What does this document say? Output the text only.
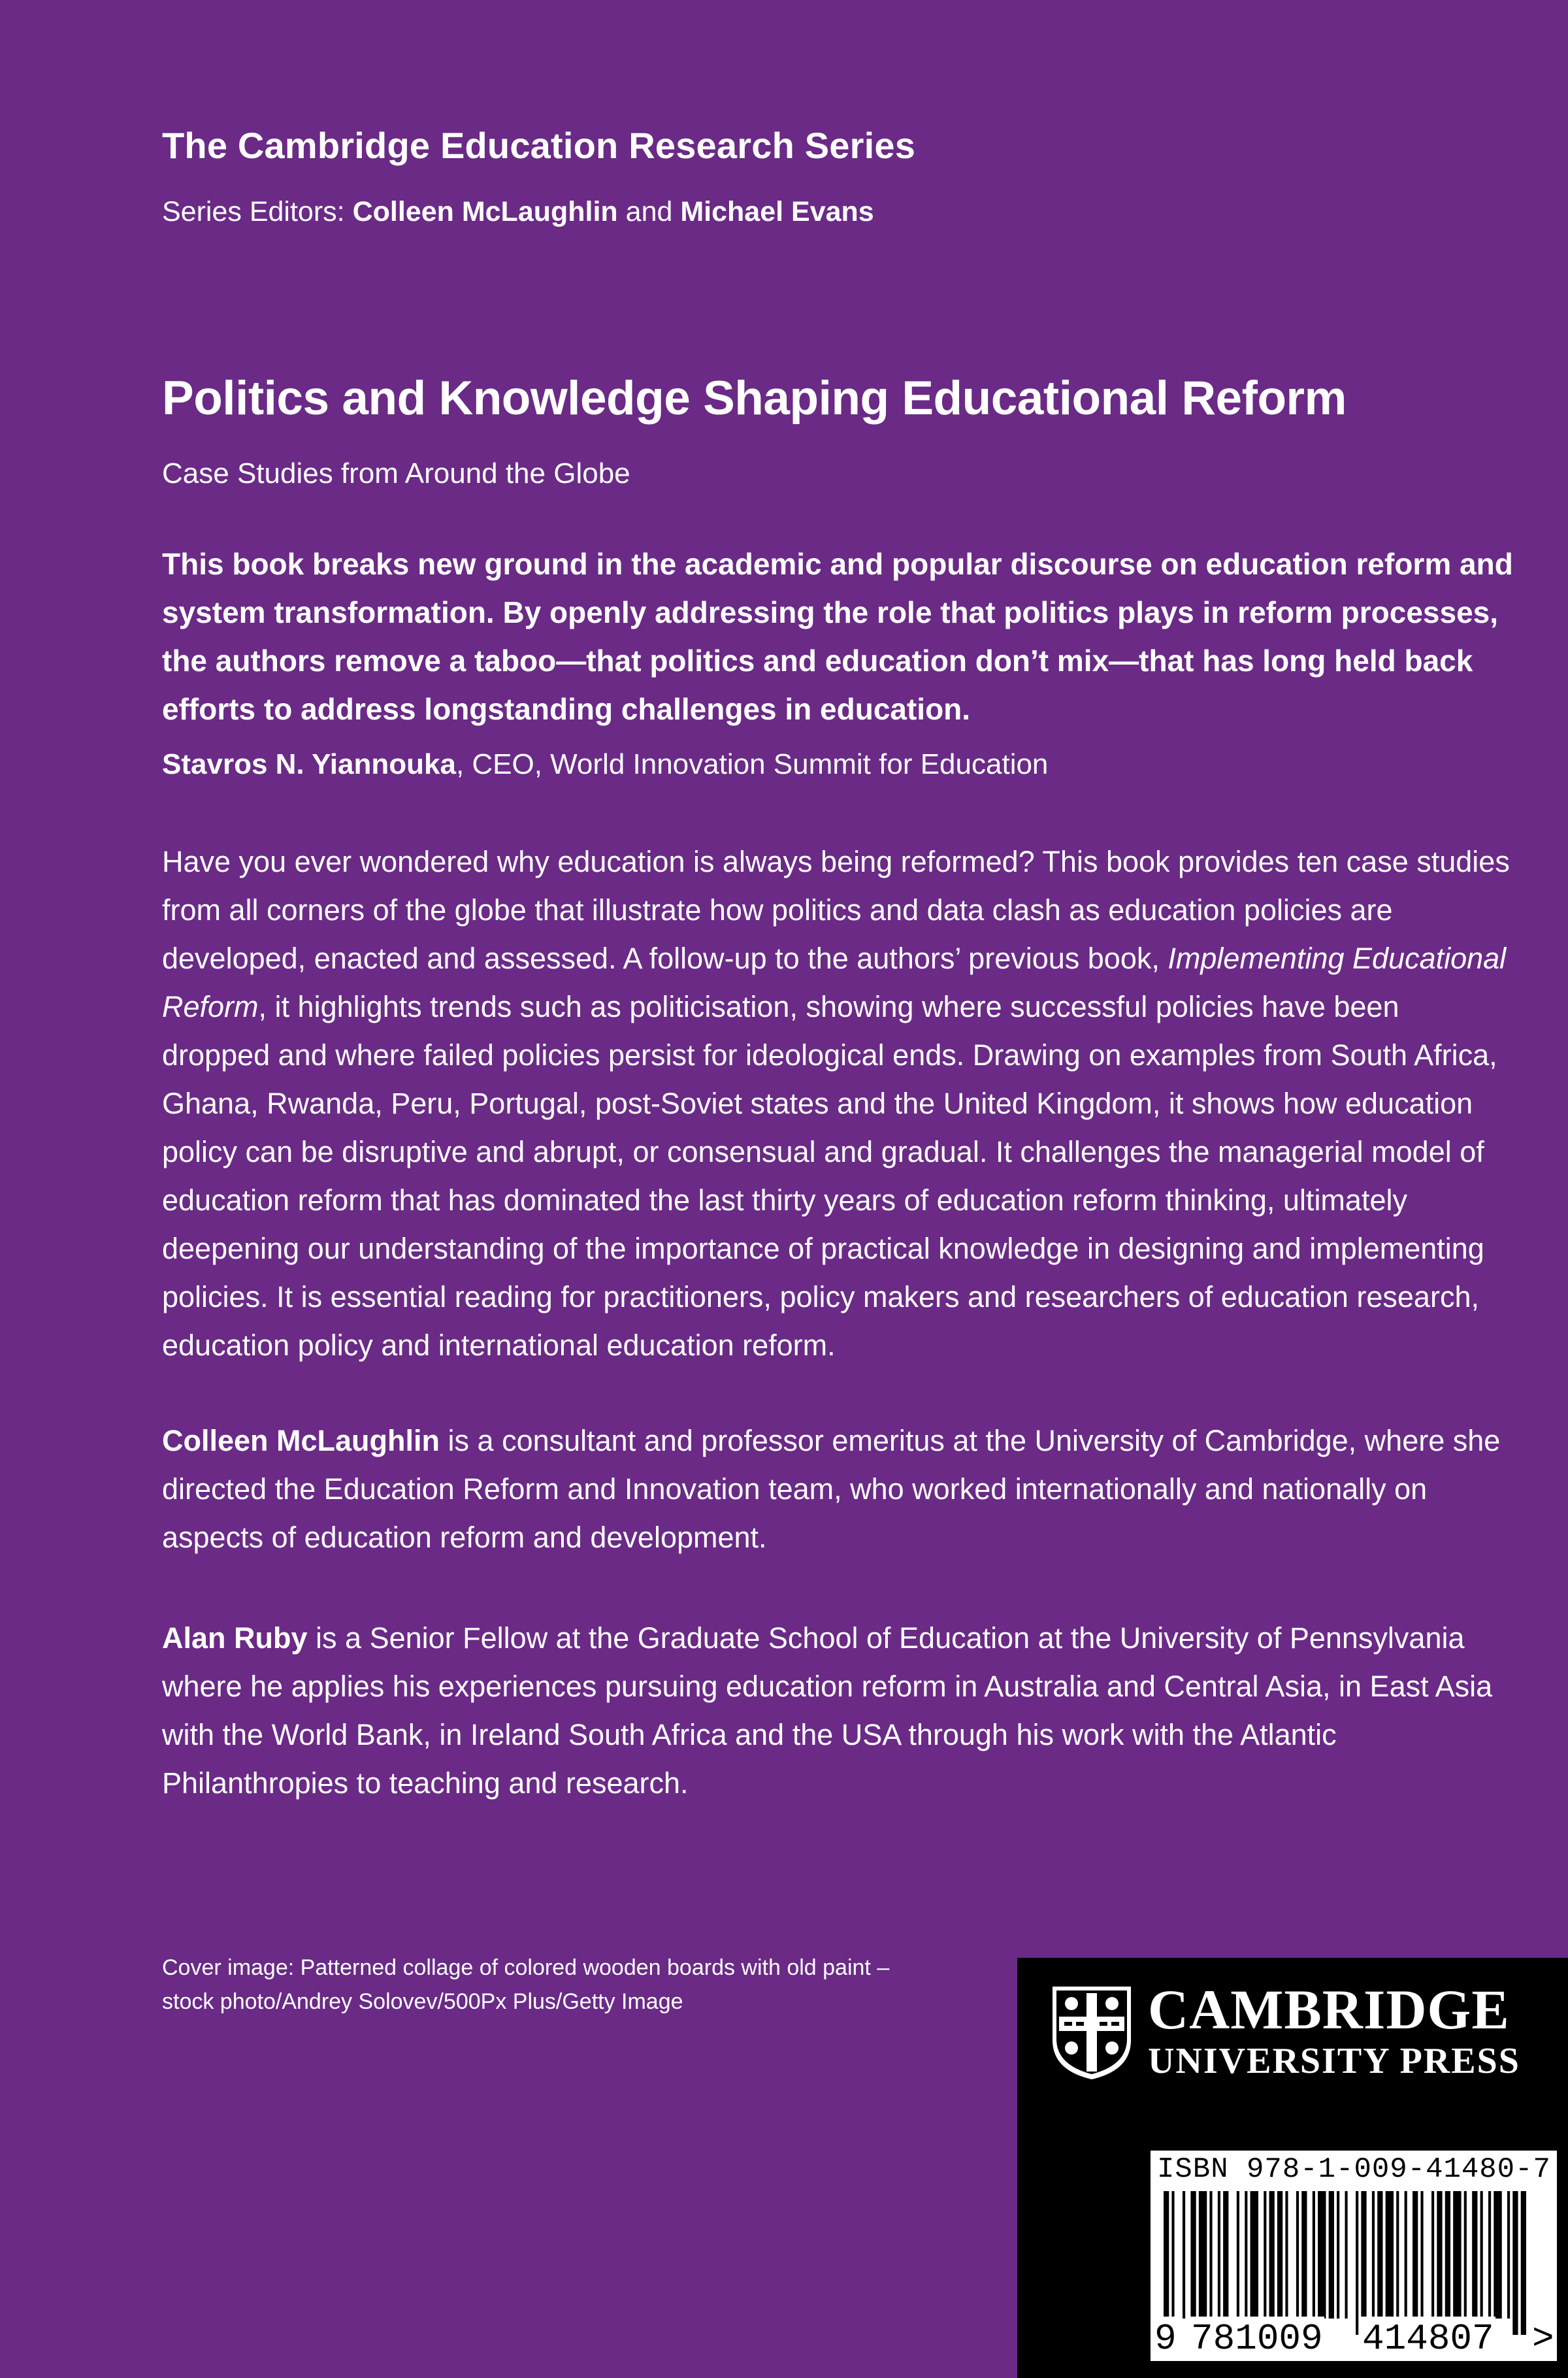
The Cambridge Education Research Series
Series Editors: Colleen McLaughlin and Michael Evans
Politics and Knowledge Shaping Educational Reform
Case Studies from Around the Globe
This book breaks new ground in the academic and popular discourse on education reform and system transformation. By openly addressing the role that politics plays in reform processes, the authors remove a taboo—that politics and education don’t mix—that has long held back efforts to address longstanding challenges in education.
Stavros N. Yiannouka, CEO, World Innovation Summit for Education
Have you ever wondered why education is always being reformed? This book provides ten case studies from all corners of the globe that illustrate how politics and data clash as education policies are developed, enacted and assessed. A follow-up to the authors’ previous book, Implementing Educational Reform, it highlights trends such as politicisation, showing where successful policies have been dropped and where failed policies persist for ideological ends. Drawing on examples from South Africa, Ghana, Rwanda, Peru, Portugal, post-Soviet states and the United Kingdom, it shows how education policy can be disruptive and abrupt, or consensual and gradual. It challenges the managerial model of education reform that has dominated the last thirty years of education reform thinking, ultimately deepening our understanding of the importance of practical knowledge in designing and implementing policies. It is essential reading for practitioners, policy makers and researchers of education research, education policy and international education reform.
Colleen McLaughlin is a consultant and professor emeritus at the University of Cambridge, where she directed the Education Reform and Innovation team, who worked internationally and nationally on aspects of education reform and development.
Alan Ruby is a Senior Fellow at the Graduate School of Education at the University of Pennsylvania where he applies his experiences pursuing education reform in Australia and Central Asia, in East Asia with the World Bank, in Ireland South Africa and the USA through his work with the Atlantic Philanthropies to teaching and research.
Cover image: Patterned collage of colored wooden boards with old paint – stock photo/Andrey Solovev/500Px Plus/Getty Image	CAMBRIDGE
UNIVERSITY PRESS
ISBN 978-1-009-41480-7
9 781009 414807 >
